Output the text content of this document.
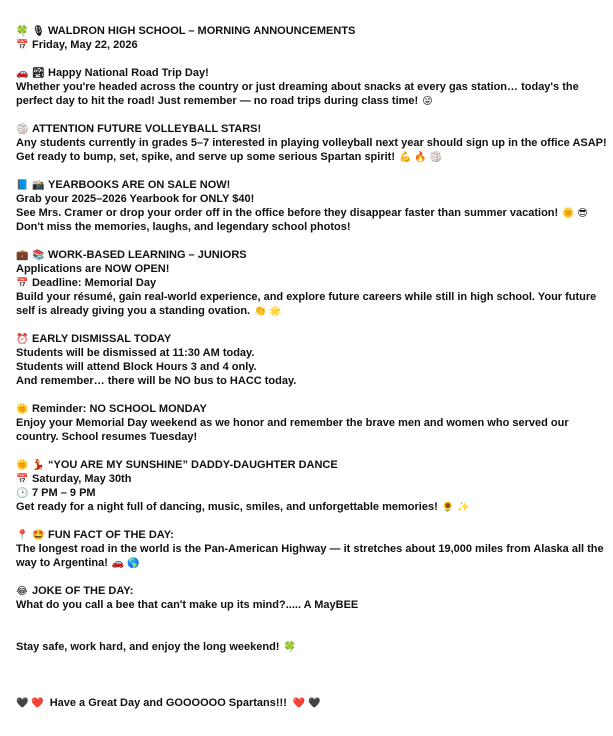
🍀 🎙 WALDRON HIGH SCHOOL – MORNING ANNOUNCEMENTS
📅 Friday, May 22, 2026
🚗 🏞 Happy National Road Trip Day!
Whether you're headed across the country or just dreaming about snacks at every gas station… today's the
perfect day to hit the road! Just remember — no road trips during class time! 😜
🏐 ATTENTION FUTURE VOLLEYBALL STARS!
Any students currently in grades 5–7 interested in playing volleyball next year should sign up in the office ASAP!
Get ready to bump, set, spike, and serve up some serious Spartan spirit! 💪 🔥 🏐
📘 📸 YEARBOOKS ARE ON SALE NOW!
Grab your 2025–2026 Yearbook for ONLY $40!
See Mrs. Cramer or drop your order off in the office before they disappear faster than summer vacation! 🌞 😎
Don't miss the memories, laughs, and legendary school photos!
💼 📚 WORK-BASED LEARNING – JUNIORS
Applications are NOW OPEN!
📅 Deadline: Memorial Day
Build your résumé, gain real-world experience, and explore future careers while still in high school. Your future
self is already giving you a standing ovation. 👏 🌟
⏰ EARLY DISMISSAL TODAY
Students will be dismissed at 11:30 AM today.
Students will attend Block Hours 3 and 4 only.
And remember… there will be NO bus to HACC today.
🌞 Reminder: NO SCHOOL MONDAY
Enjoy your Memorial Day weekend as we honor and remember the brave men and women who served our
country. School resumes Tuesday!
🌞 💃 “YOU ARE MY SUNSHINE” DADDY-DAUGHTER DANCE
📅 Saturday, May 30th
🕒 7 PM – 9 PM
Get ready for a night full of dancing, music, smiles, and unforgettable memories! 🌻 ✨
📍 🤩 FUN FACT OF THE DAY:
The longest road in the world is the Pan-American Highway — it stretches about 19,000 miles from Alaska all the
way to Argentina! 🚗 🌎
😂 JOKE OF THE DAY:
What do you call a bee that can't make up its mind?..... A MayBEE
Stay safe, work hard, and enjoy the long weekend! 🍀
🖤 ❤️ Have a Great Day and GOOOOOO Spartans!!! ❤️ 🖤
